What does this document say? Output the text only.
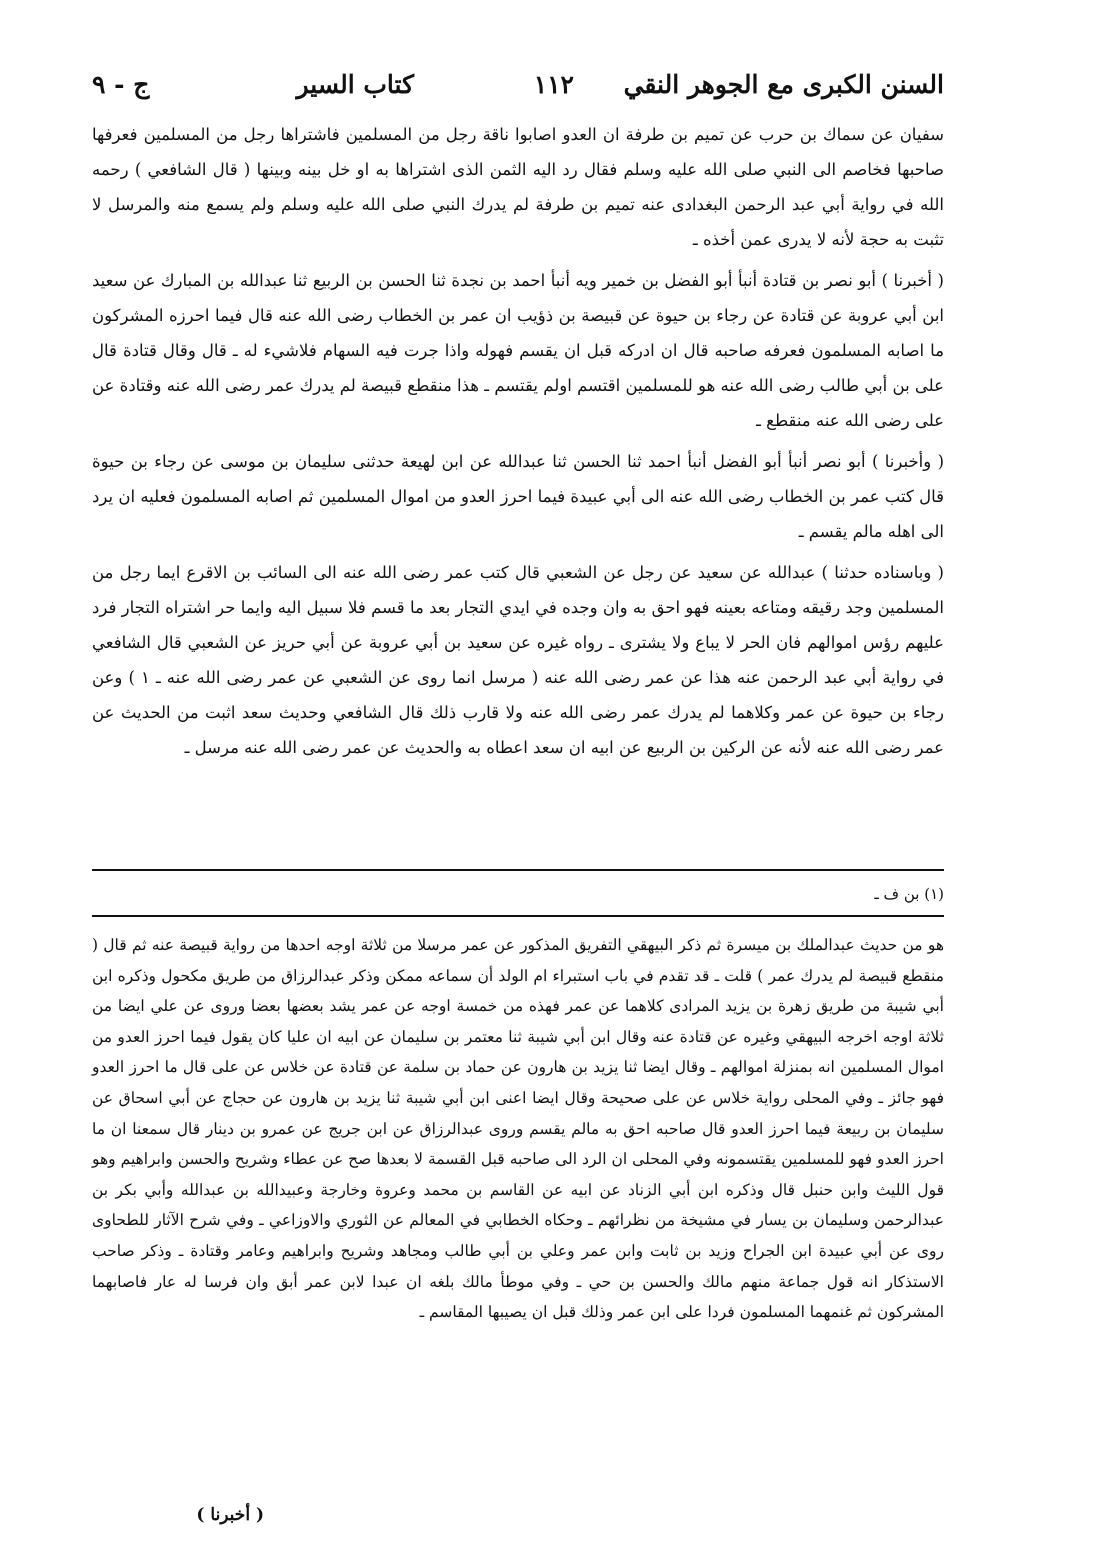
السنن الكبرى مع الجوهر النقي
١١٢
كتاب السير
ج - ٩

سفيان عن سماك بن حرب عن تميم بن طرفة ان العدو اصابوا ناقة رجل من المسلمين فاشتراها رجل من المسلمين فعرفها صاحبها فخاصم الى النبي صلى الله عليه وسلم فقال رد اليه الثمن الذى اشتراها به او خل بينه وبينها ( قال الشافعي ) رحمه الله في رواية أبي عبد الرحمن البغدادى عنه تميم بن طرفة لم يدرك النبي صلى الله عليه وسلم ولم يسمع منه والمرسل لا تثبت به حجة لأنه لا يدرى عمن أخذه ـ

( أخبرنا ) أبو نصر بن قتادة أنبأ أبو الفضل بن خمير ويه أنبأ احمد بن نجدة ثنا الحسن بن الربيع ثنا عبدالله بن المبارك عن سعيد ابن أبي عروبة عن قتادة عن رجاء بن حيوة عن قبيصة بن ذؤيب ان عمر بن الخطاب رضى الله عنه قال فيما احرزه المشركون ما اصابه المسلمون فعرفه صاحبه قال ان ادركه قبل ان يقسم فهوله واذا جرت فيه السهام فلاشيء له ـ قال وقال قتادة قال على بن أبي طالب رضى الله عنه هو للمسلمين اقتسم اولم يقتسم ـ هذا منقطع قبيصة لم يدرك عمر رضى الله عنه وقتادة عن على رضى الله عنه منقطع ـ

( وأخبرنا ) أبو نصر أنبأ أبو الفضل أنبأ احمد ثنا الحسن ثنا عبدالله عن ابن لهيعة حدثنى سليمان بن موسى عن رجاء بن حيوة قال كتب عمر بن الخطاب رضى الله عنه الى أبي عبيدة فيما احرز العدو من اموال المسلمين ثم اصابه المسلمون فعليه ان يرد الى اهله مالم يقسم ـ

( وباسناده حدثنا ) عبدالله عن سعيد عن رجل عن الشعبي قال كتب عمر رضى الله عنه الى السائب بن الاقرع ايما رجل من المسلمين وجد رقيقه ومتاعه بعينه فهو احق به وان وجده في ايدي التجار بعد ما قسم فلا سبيل اليه وايما حر اشتراه التجار فرد عليهم رؤس اموالهم فان الحر لا يباع ولا يشترى ـ رواه غيره عن سعيد بن أبي عروبة عن أبي حريز عن الشعبي قال الشافعي في رواية أبي عبد الرحمن عنه هذا عن عمر رضى الله عنه ( مرسل انما روى عن الشعبي عن عمر رضى الله عنه ـ ١ ) وعن رجاء بن حيوة عن عمر وكلاهما لم يدرك عمر رضى الله عنه ولا قارب ذلك قال الشافعي وحديث سعد اثبت من الحديث عن عمر رضى الله عنه لأنه عن الركين بن الربيع عن ابيه ان سعد اعطاه به والحديث عن عمر رضى الله عنه مرسل ـ

(١) بن ف ـ

هو من حديث عبدالملك بن ميسرة ثم ذكر البيهقي التفريق المذكور عن عمر مرسلا من ثلاثة اوجه احدها من رواية قبيصة عنه ثم قال ( منقطع قبيصة لم يدرك عمر ) قلت ـ قد تقدم في باب استبراء ام الولد أن سماعه ممكن وذكر عبدالرزاق من طريق مكحول وذكره ابن أبي شيبة من طريق زهرة بن يزيد المرادى كلاهما عن عمر فهذه من خمسة اوجه عن عمر يشد بعضها بعضا وروى عن علي ايضا من ثلاثة اوجه اخرجه البيهقي وغيره عن قتادة عنه وقال ابن أبي شيبة ثنا معتمر بن سليمان عن ابيه ان عليا كان يقول فيما احرز العدو من اموال المسلمين انه بمنزلة اموالهم ـ وقال ايضا ثنا يزيد بن هارون عن حماد بن سلمة عن قتادة عن خلاس عن على قال ما احرز العدو فهو جائز ـ وفي المحلى رواية خلاس عن على صحيحة وقال ايضا اعنى ابن أبي شيبة ثنا يزيد بن هارون عن حجاج عن أبي اسحاق عن سليمان بن ربيعة فيما احرز العدو قال صاحبه احق به مالم يقسم وروى عبدالرزاق عن ابن جريج عن عمرو بن دينار قال سمعنا ان ما احرز العدو فهو للمسلمين يقتسمونه وفي المحلى ان الرد الى صاحبه قبل القسمة لا بعدها صح عن عطاء وشريح والحسن وابراهيم وهو قول الليث وابن حنبل قال وذكره ابن أبي الزناد عن ابيه عن القاسم بن محمد وعروة وخارجة وعبيدالله بن عبدالله وأبي بكر بن عبدالرحمن وسليمان بن يسار في مشيخة من نظرائهم ـ وحكاه الخطابي في المعالم عن الثوري والاوزاعي ـ وفي شرح الآثار للطحاوى روى عن أبي عبيدة ابن الجراح وزيد بن ثابت وابن عمر وعلي بن أبي طالب ومجاهد وشريح وابراهيم وعامر وقتادة ـ وذكر صاحب الاستذكار انه قول جماعة منهم مالك والحسن بن حي ـ وفي موطأ مالك بلغه ان عبدا لابن عمر أبق وان فرسا له عار فاصابهما المشركون ثم غنمهما المسلمون فردا على ابن عمر وذلك قبل ان يصيبها المقاسم ـ

( أخبرنا )
